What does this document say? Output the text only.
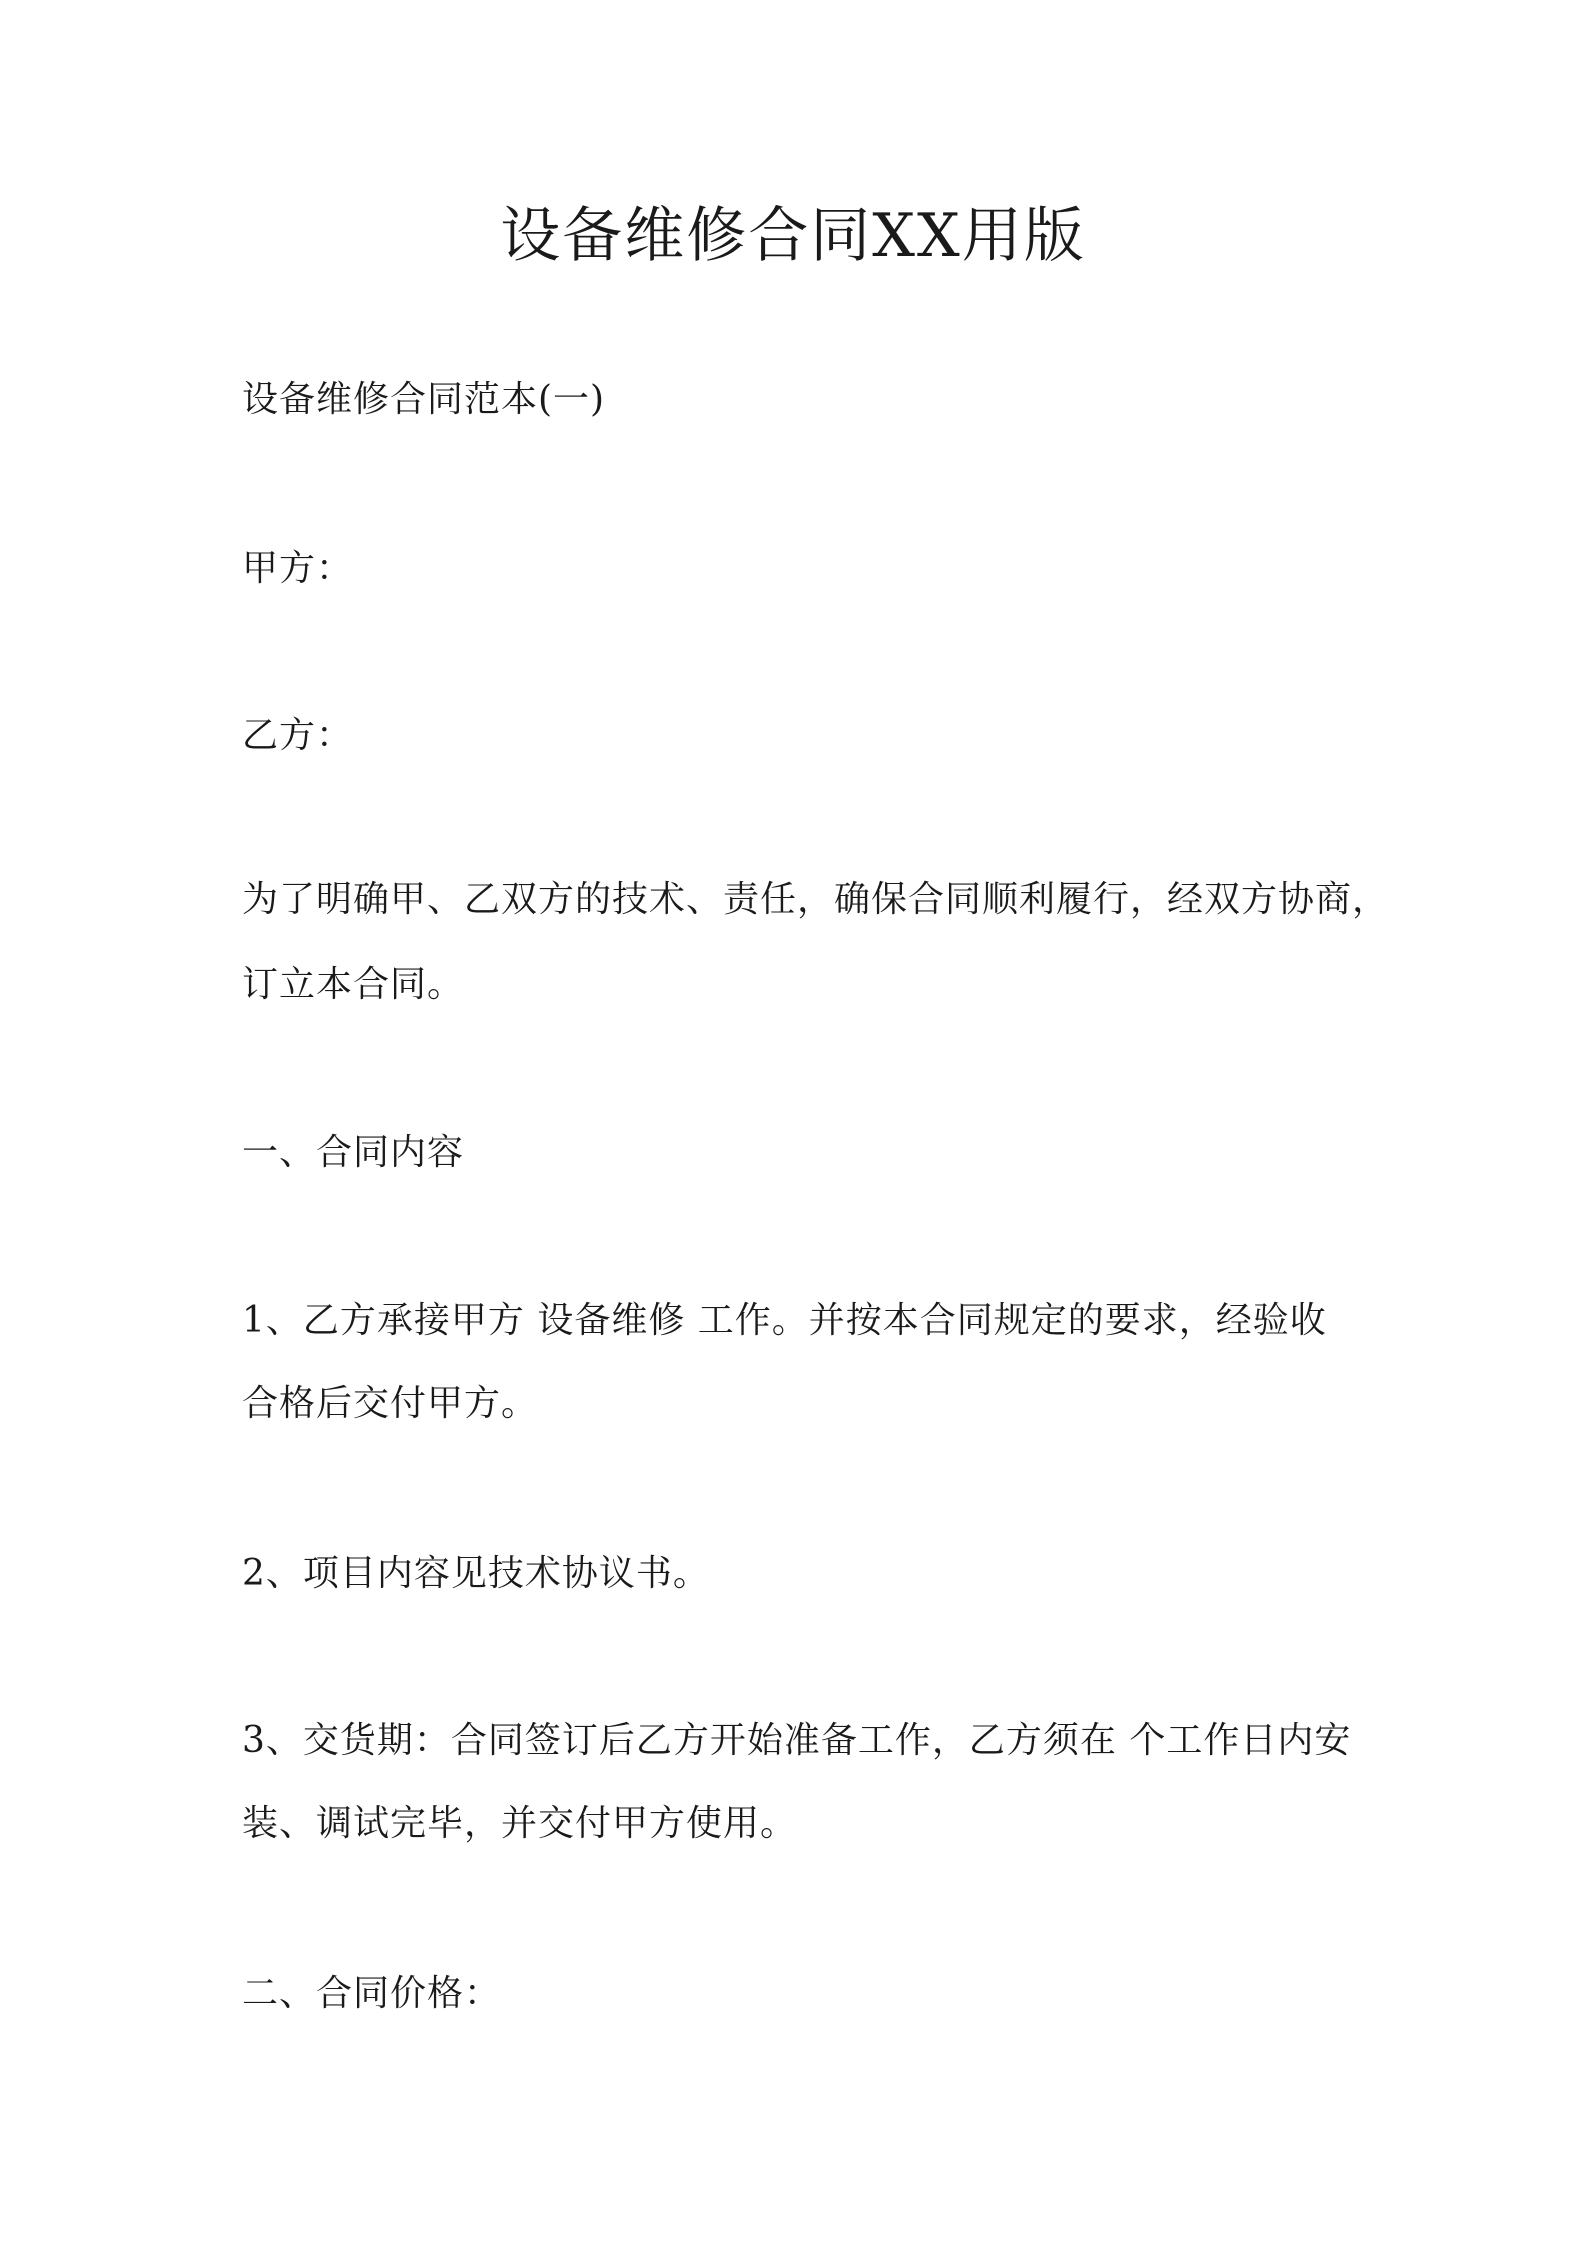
设备维修合同XX用版
设备维修合同范本(一)
甲方：
乙方：
为了明确甲、乙双方的技术、责任，确保合同顺利履行，经双方协商，
订立本合同。
一、合同内容
1、乙方承接甲方 设备维修 工作。并按本合同规定的要求，经验收
合格后交付甲方。
2、项目内容见技术协议书。
3、交货期：合同签订后乙方开始准备工作，乙方须在 个工作日内安
装、调试完毕，并交付甲方使用。
二、合同价格：
